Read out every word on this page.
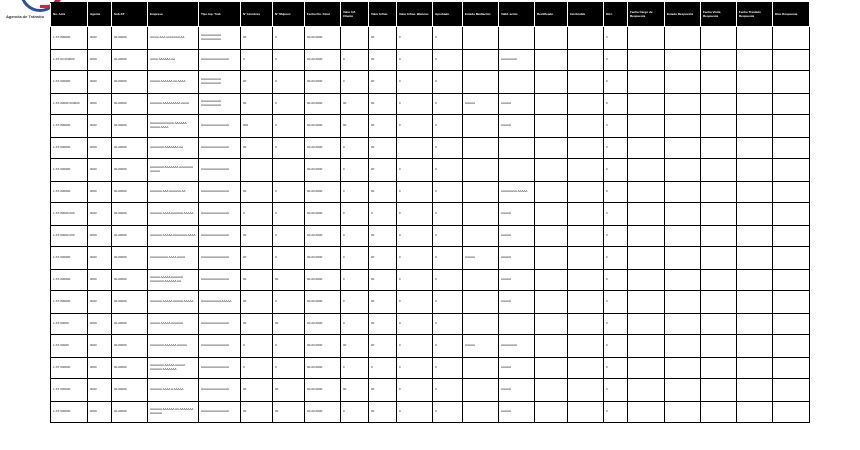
Agencia de Tránsito
No. Acta	Agente	Sub-ST	Empresa	Tipo Inp. Trab	N° Hombres	N° Mujeres	Fecha Fin. Final	Valor Inf. Cliente	Valor Infrac.	Valor Infrac. Blancas	Aprobado	Estado Mediación	Valid. ación	Rectificado	Incobrable	Otro	Fecha Cargo de Respuesta	Estado Respuesta	Fecha Visita Respuesta	Fecha Traslado Respuesta	Días Respuesta
1-ST-000000	0000	00-00000	AA/AA AAA AAAAAAA AA	AAAAAAAAAA AAAAAAAAAA	00	0	00-00-0000		00	0	0					0					
1-ST-00 000000	0000	00-00000	AAAA AAAAAA AA	AAAAAAAAAAAAAA	0	0	00-00-0000	0	00	0	0		AAAAAAAA			0					
1-ST-000000	0000	00-00000	AAAAA AAAAAA AA AAAA	AAAAAAAAAA AAAAAAAAAA	00	0	00-00-0000	0	00	0	0					0					
1-ST-00000 000000	0000	00-00000	AAAAAA AAAAAAAAA AAAA	AAAAAAAAAA AAAAAAAAAA	00	0	00-00-0000	00	00	0	0	AAAAA	AAAAA			0					
1-ST-000000	0000	00-00000	AAAAAAAAAAAA AAAAAA AAAAA AAAA	AAAAAAAAAAAAAA	000	0	00-00-0000	00	00	0	0		AAAAA			0					
1-ST-000000	0000	00-00000	AAAAAAA AAAAAAA AA	AAAAAAAAAAAAAA	00	0	00-00-0000	0	00		0					0					
1-ST-000000	0000	00-00000	AAAAAAA AAAAAAA AAAAAAA AAAAA	AAAAAAAAAAAAAA			00-00-0000	0	00	0	0					0					
1-ST-000000	0000	00-00000	AAAAAA AAA AAAAAA AA	AAAAAAAAAAAAAA	00	0	00-00-0000	0	00	0	0		AAAAAAAA AAAAA			0					
1-ST-00000 000	0000	00-00000	AAAAAA AAAA AAAAAA AAAAA	AAAAAAAAAAAAAA	0	0	00-00-0000	0	0	0	0		AAAAA			0					
1-ST-00000 000	0000	00-00000	AAAAAA AAAAA AAAAAAA AAAA	AAAAAAAAAAAAAA	00	0	00-00-0000	0	00	0	0		AAAAA			0					
1-ST-000000	0000	00-00000	AAAAAAAAA AAAA AAAA	AAAAAAAAAAAAAA	00	0	00-00-0000	0	00	0	0	AAAAA	AAAAA			0					
1-ST-000000	0000	00-00000	AAAAA AAAAA AAAAAA AAAAAAA AAAAAA AA	AAAAAAAAAAAAAA	00	00	00-00-0000	0	00	0	0		AAAAA			0					
1-ST-000000	0000	00-00000	AAAAAA AAAAA AAAAA AAAAA	AAAAAAAAAA AAAAA	00	0	00-00-0000	0	00	0	0		AAAAA			0					
1-ST-00000	0000	00-00000	AAAAA AAAAA AAAAAA	AAAAAAAAAAAAAA	00	00	00-00-0000	0	00	0	0					0					
1-ST-00000	0000	00-00000	AAAAAAA AAAAAA AAAAA	AAAAAAAAAAAAAA	0	0	00-00-0000	00	00	0	0	AAAAA	AAAAAAAA			0					
1-ST 000000	0000	00-00000	AAAAAAA AAAAA AAAAA AAAAAA AAAAAAA	AAAAAAAAAAAAAA	0	0	00-00-0000	0	0	0	0		AAAAA			0					
1-ST 000000	0000	00-00000	AAAAAA AAAA A AAAAA	AAAAAAAAAAAAAA	00	00	00-00-0000	00	00	0	0		AAAAA			0					
1-ST 000000	0000	00-00000	AAAAAA AAAAAA AA AAAAAAA AAAAAA	AAAAAAAAAAAAAA	00	00	00-00-0000	0	00	0	0		AAAAA			0					
